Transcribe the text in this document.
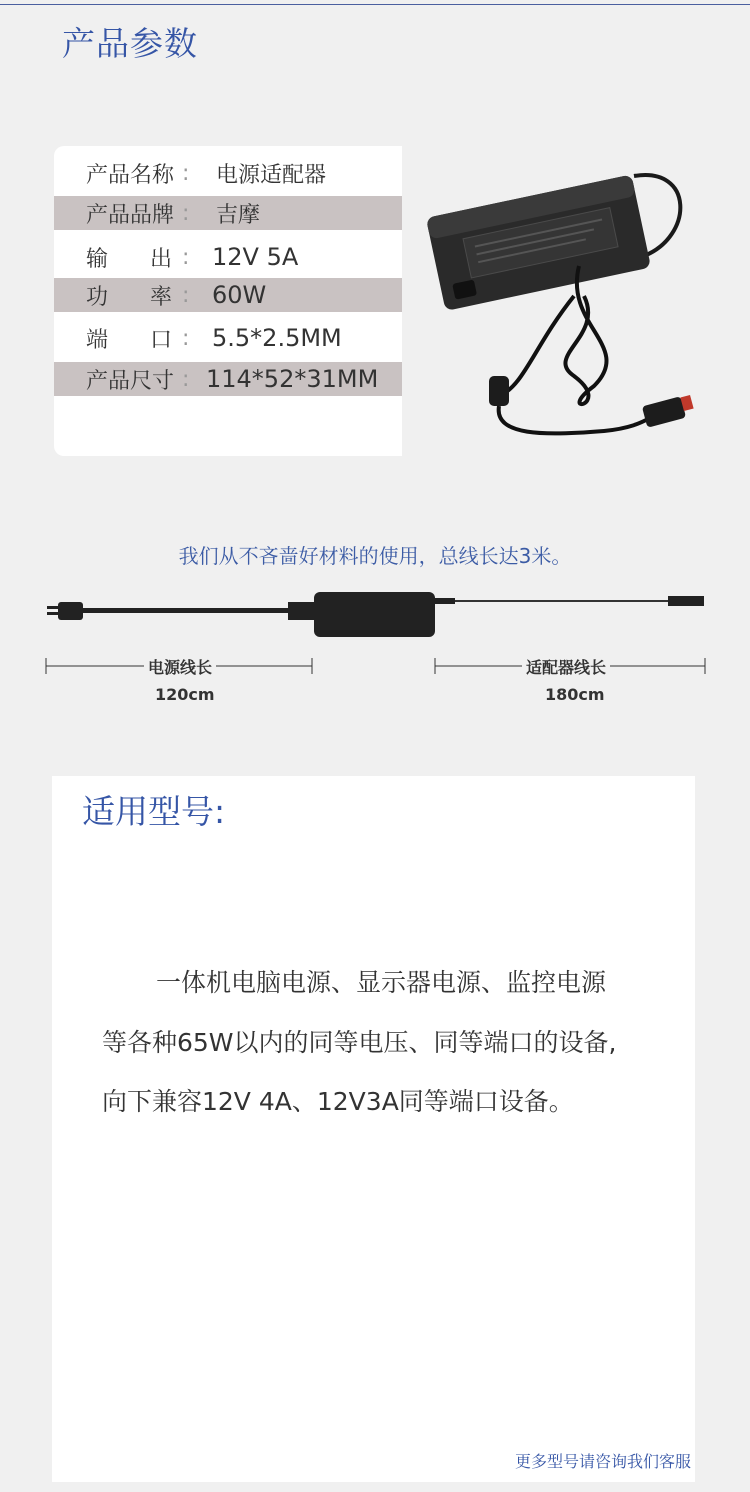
产品参数
产品名称 : 电源适配器
产品品牌 : 吉摩
输      出 : 12V 5A
功      率 : 60W
端      口 : 5.5*2.5MM
产品尺寸 : 114*52*31MM
我们从不吝啬好材料的使用，总线长达3米。
电源线长
120cm
适配器线长
180cm
适用型号:
一体机电脑电源、显示器电源、监控电源
等各种65W以内的同等电压、同等端口的设备,
向下兼容12V 4A、12V3A同等端口设备。
更多型号请咨询我们客服
